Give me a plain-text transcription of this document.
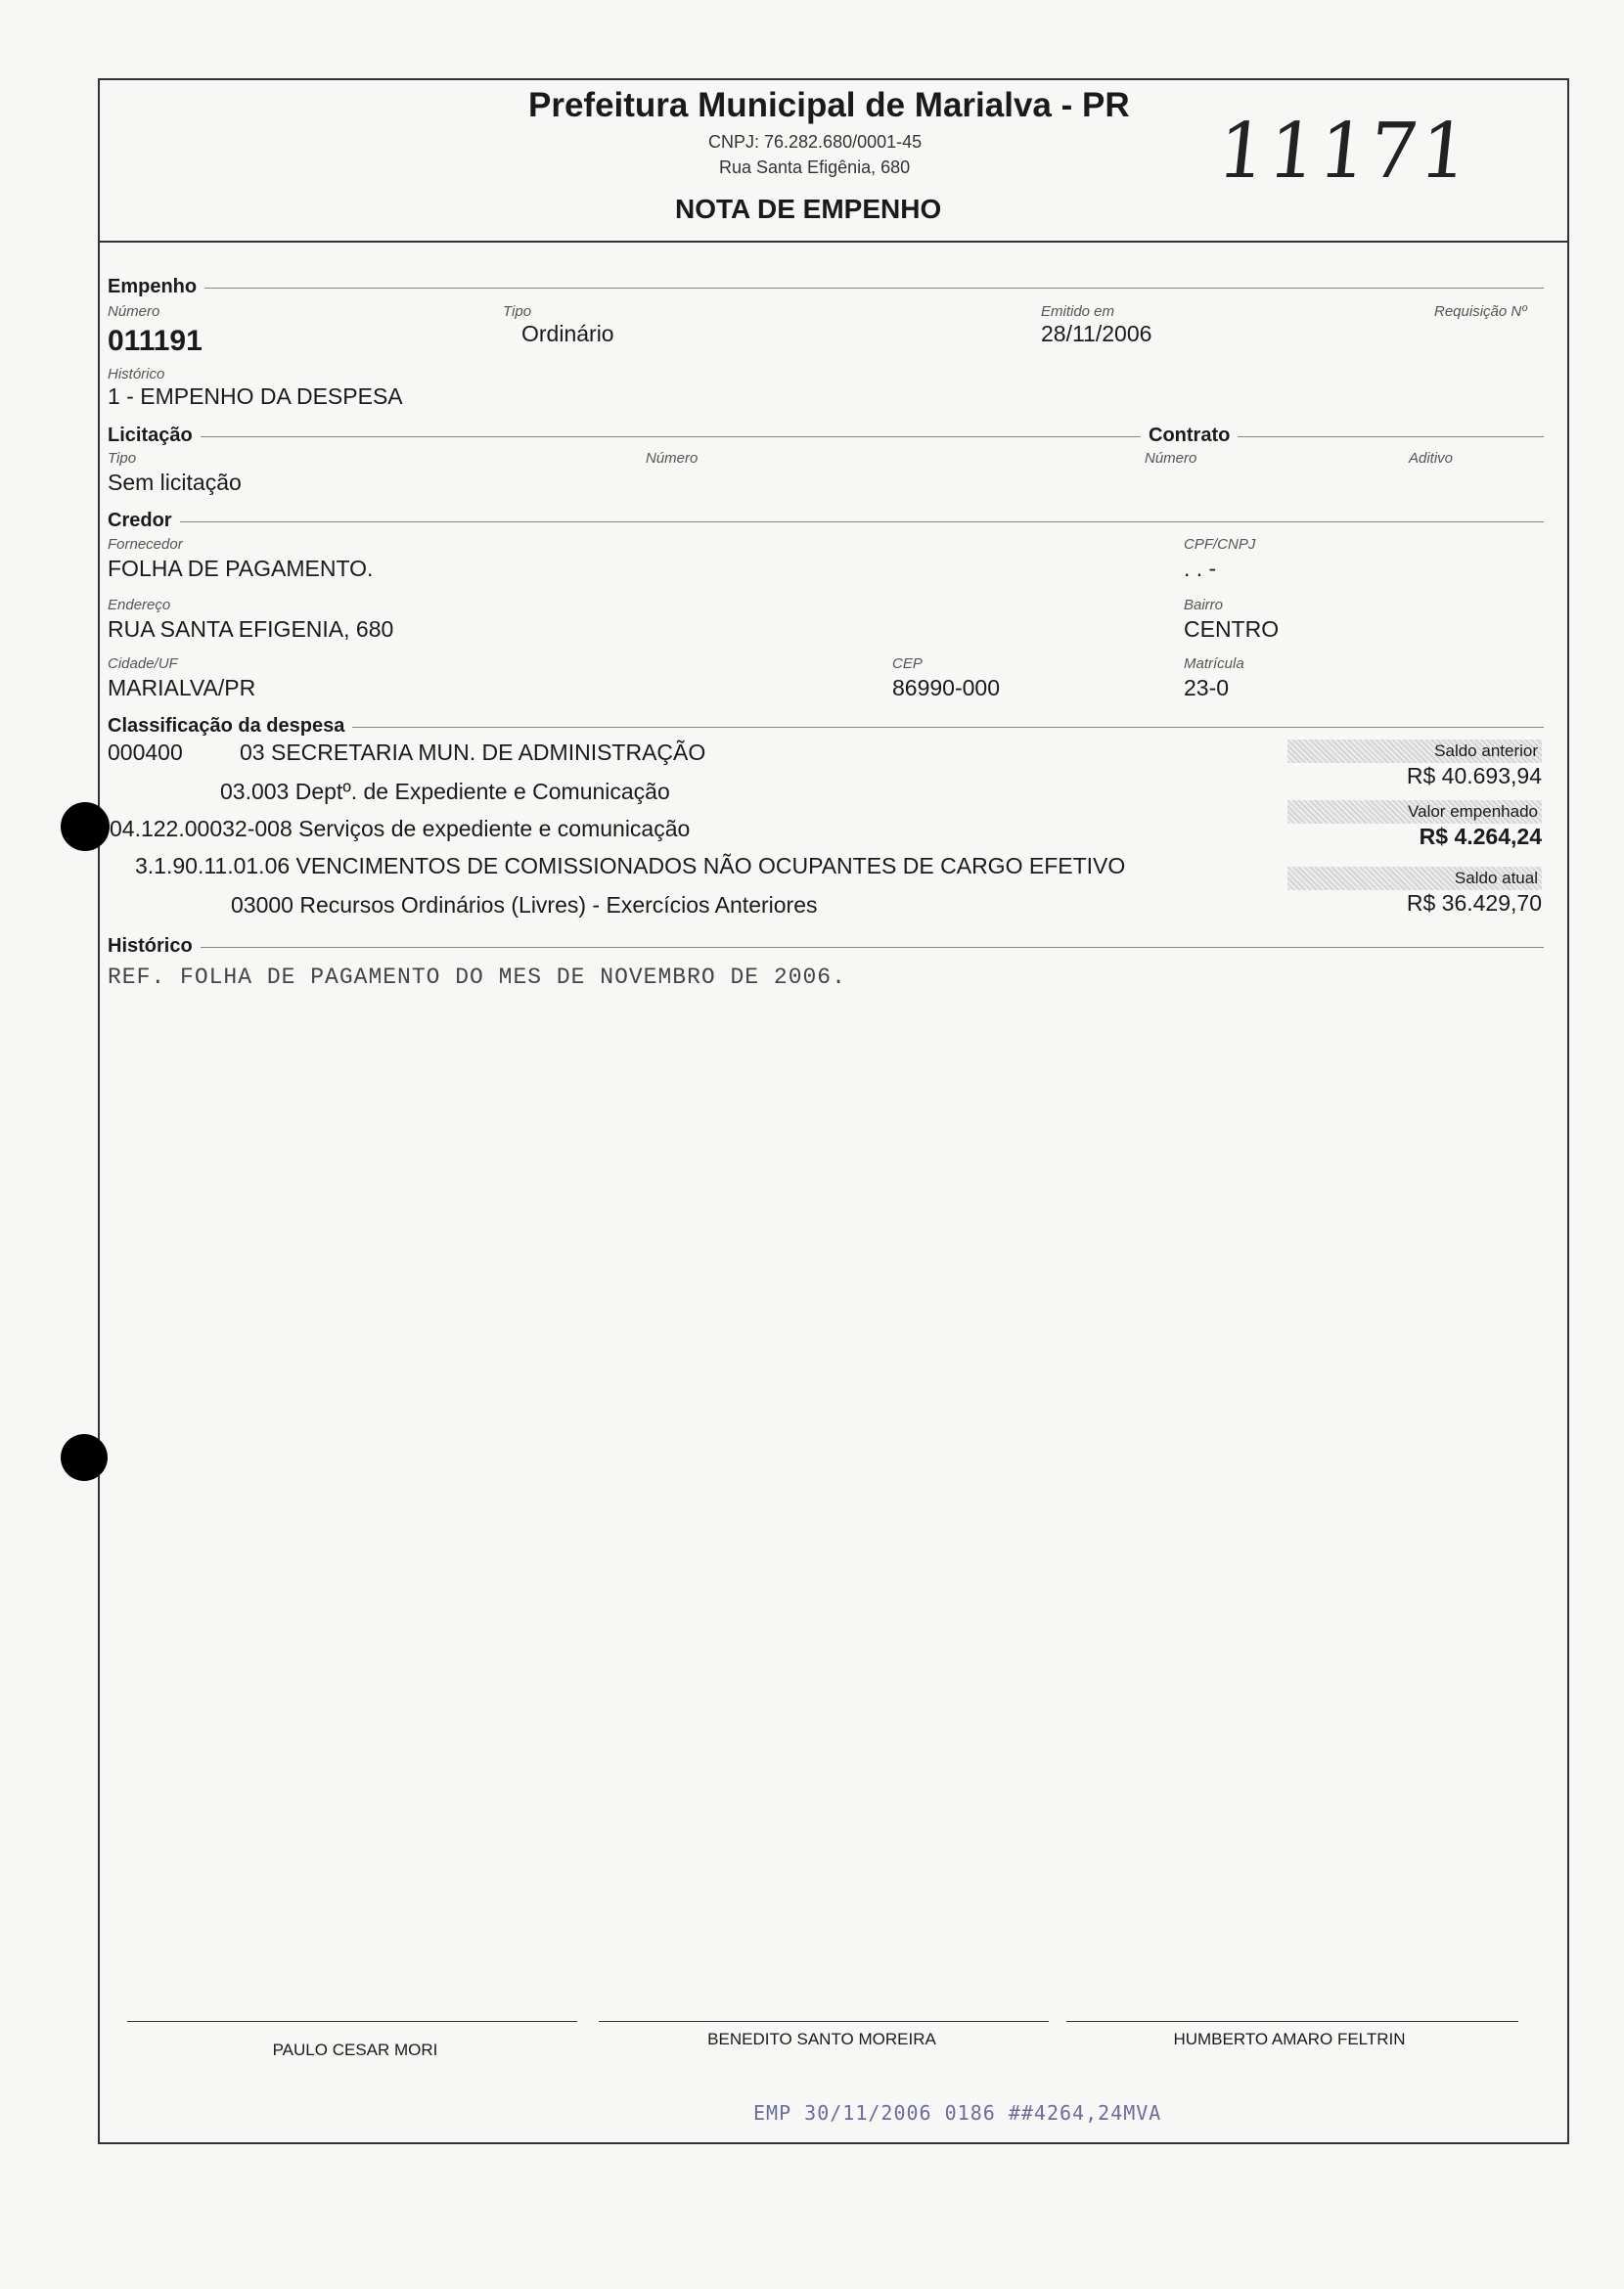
Prefeitura Municipal de Marialva - PR
CNPJ: 76.282.680/0001-45
Rua Santa Efigênia, 680
NOTA DE EMPENHO
11171
Empenho
Número
011191
Tipo
Ordinário
Emitido em
28/11/2006
Requisição Nº
Histórico
1 - EMPENHO DA DESPESA
Licitação	Contrato
Tipo
Sem licitação
Número	Número	Aditivo
Credor
Fornecedor
FOLHA DE PAGAMENTO.
CPF/CNPJ
. . -
Endereço
RUA SANTA EFIGENIA, 680
Bairro
CENTRO
Cidade/UF
MARIALVA/PR
CEP
86990-000
Matrícula
23-0
Classificação da despesa
000400	03 SECRETARIA MUN. DE ADMINISTRAÇÃO
03.003 Deptº. de Expediente e Comunicação
04.122.00032-008 Serviços de expediente e comunicação
3.1.90.11.01.06 VENCIMENTOS DE COMISSIONADOS NÃO OCUPANTES DE CARGO EFETIVO
03000 Recursos Ordinários (Livres) - Exercícios Anteriores
Saldo anterior
R$ 40.693,94
Valor empenhado
R$ 4.264,24
Saldo atual
R$ 36.429,70
Histórico
REF. FOLHA DE PAGAMENTO DO MES DE NOVEMBRO DE 2006.
PAULO CESAR MORI
BENEDITO SANTO MOREIRA	HUMBERTO AMARO FELTRIN
EMP 30/11/2006 0186 ##4264,24MVA
